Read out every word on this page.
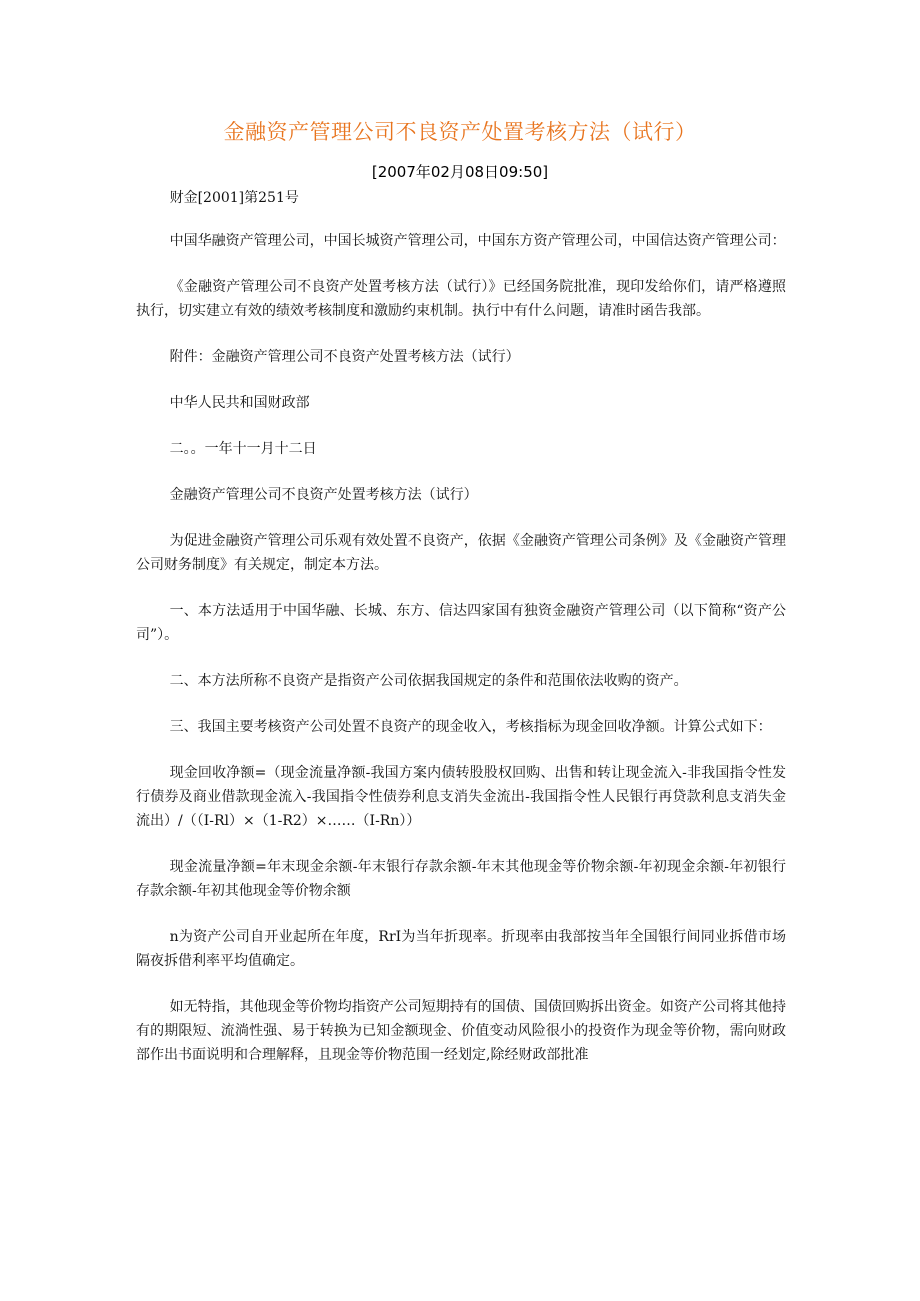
金融资产管理公司不良资产处置考核方法（试行）
[2007年02月08日09:50]

财金[2001]第251号

中国华融资产管理公司，中国长城资产管理公司，中国东方资产管理公司，中国信达资产管理公司：

《金融资产管理公司不良资产处置考核方法（试行）》已经国务院批准，现印发给你们，请严格遵照执行，切实建立有效的绩效考核制度和激励约束机制。执行中有什么问题，请准时函告我部。

附件：金融资产管理公司不良资产处置考核方法（试行）

中华人民共和国财政部

二。。一年十一月十二日

金融资产管理公司不良资产处置考核方法（试行）

为促进金融资产管理公司乐观有效处置不良资产，依据《金融资产管理公司条例》及《金融资产管理公司财务制度》有关规定，制定本方法。

一、本方法适用于中国华融、长城、东方、信达四家国有独资金融资产管理公司（以下简称“资产公司”）。

二、本方法所称不良资产是指资产公司依据我国规定的条件和范围依法收购的资产。

三、我国主要考核资产公司处置不良资产的现金收入，考核指标为现金回收净额。计算公式如下：

现金回收净额=（现金流量净额-我国方案内债转股股权回购、出售和转让现金流入-非我国指令性发行债券及商业借款现金流入-我国指令性债券利息支消失金流出-我国指令性人民银行再贷款利息支消失金流出）/（（I-Rl）×（1-R2）×……（I-Rn））

现金流量净额=年末现金余额-年末银行存款余额-年末其他现金等价物余额-年初现金余额-年初银行存款余额-年初其他现金等价物余额

n为资产公司自开业起所在年度，RrI为当年折现率。折现率由我部按当年全国银行间同业拆借市场隔夜拆借利率平均值确定。

如无特指，其他现金等价物均指资产公司短期持有的国债、国债回购拆出资金。如资产公司将其他持有的期限短、流淌性强、易于转换为已知金额现金、价值变动风险很小的投资作为现金等价物，需向财政部作出书面说明和合理解释，且现金等价物范围一经划定,除经财政部批准
